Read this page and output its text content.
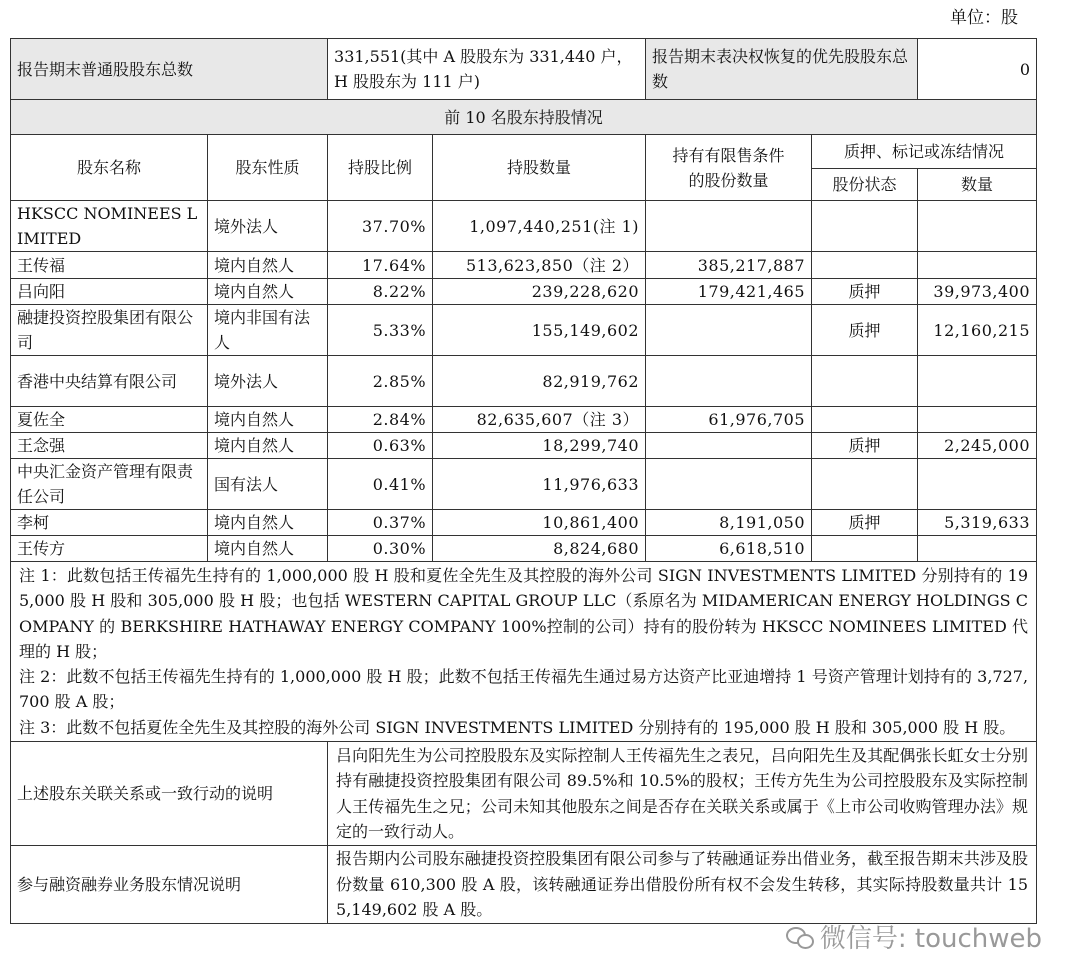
单位：股
报告期末普通股股东总数		331,551(其中 A 股股东为 331,440 户，H 股股东为 111 户)		报告期末表决权恢复的优先股股东总数		0
前 10 名股东持股情况						
股东名称	股东性质	持股比例	持股数量	持有有限售条件的股份数量	质押、标记或冻结情况	
					股份状态	数量
HKSCC NOMINEES LIMITED	境外法人	37.70%	1,097,440,251(注 1)			
王传福	境内自然人	17.64%	513,623,850（注 2）	385,217,887		
吕向阳	境内自然人	8.22%	239,228,620	179,421,465	质押	39,973,400
融捷投资控股集团有限公司	境内非国有法人	5.33%	155,149,602		质押	12,160,215
香港中央结算有限公司	境外法人	2.85%	82,919,762			
夏佐全	境内自然人	2.84%	82,635,607（注 3）	61,976,705		
王念强	境内自然人	0.63%	18,299,740		质押	2,245,000
中央汇金资产管理有限责任公司	国有法人	0.41%	11,976,633			
李柯	境内自然人	0.37%	10,861,400	8,191,050	质押	5,319,633
王传方	境内自然人	0.30%	8,824,680	6,618,510		

注 1：此数包括王传福先生持有的 1,000,000 股 H 股和夏佐全先生及其控股的海外公司 SIGN INVESTMENTS LIMITED 分别持有的 195,000 股 H 股和 305,000 股 H 股；也包括 WESTERN CAPITAL GROUP LLC（系原名为 MIDAMERICAN ENERGY HOLDINGS COMPANY 的 BERKSHIRE HATHAWAY ENERGY COMPANY 100%控制的公司）持有的股份转为 HKSCC NOMINEES LIMITED 代理的 H 股；
注 2：此数不包括王传福先生持有的 1,000,000 股 H 股；此数不包括王传福先生通过易方达资产比亚迪增持 1 号资产管理计划持有的 3,727,700 股 A 股；
注 3：此数不包括夏佐全先生及其控股的海外公司 SIGN INVESTMENTS LIMITED 分别持有的 195,000 股 H 股和 305,000 股 H 股。						

上述股东关联关系或一致行动的说明		吕向阳先生为公司控股股东及实际控制人王传福先生之表兄，吕向阳先生及其配偶张长虹女士分别持有融捷投资控股集团有限公司 89.5%和 10.5%的股权；王传方先生为公司控股股东及实际控制人王传福先生之兄；公司未知其他股东之间是否存在关联关系或属于《上市公司收购管理办法》规定的一致行动人。				
参与融资融券业务股东情况说明		报告期内公司股东融捷投资控股集团有限公司参与了转融通证券出借业务，截至报告期末共涉及股份数量 610,300 股 A 股，该转融通证券出借股份所有权不会发生转移，其实际持股数量共计 155,149,602 股 A 股。				
微信号: touchweb
